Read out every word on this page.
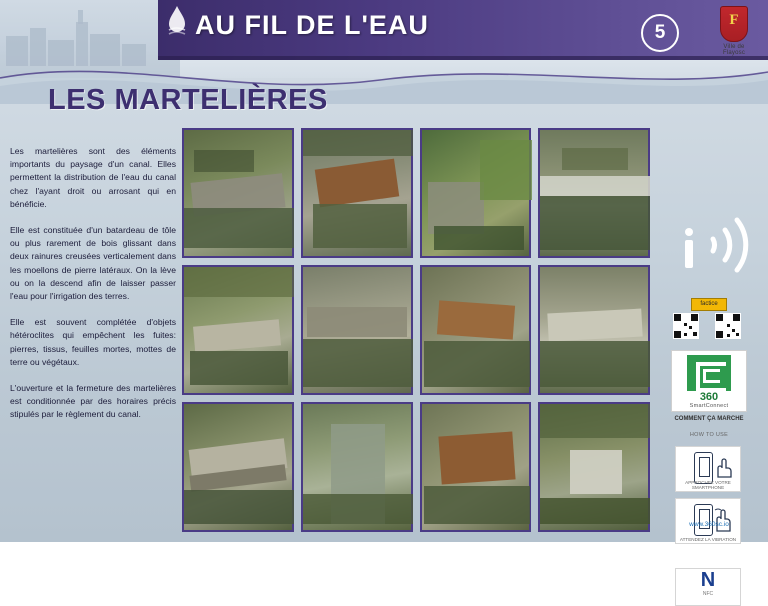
AU FIL DE L'EAU	5
F
Ville de Flayosc
LES MARTELIÈRES

Les martelières sont des éléments importants du paysage d'un canal. Elles permettent la distribution de l'eau du canal chez l'ayant droit ou arrosant qui en bénéficie.

Elle est constituée d'un batardeau de tôle ou plus rarement de bois glissant dans deux rainures creusées verticalement dans les moellons de pierre latéraux. On la lève ou on la descend afin de laisser passer l'eau pour l'irrigation des terres.

Elle est souvent complétée d'objets hétéroclites qui empêchent les fuites: pierres, tissus, feuilles mortes, mottes de terre ou végétaux.

L'ouverture et la fermeture des martelières est conditionnée par des horaires précis stipulés par le règlement du canal.

factice
360
SmartConnect
COMMENT ÇA MARCHE
HOW TO USE
APPROCHEZ VOTRE SMARTPHONE
ATTENDEZ LA VIBRATION
N
NFC
www.360sc.io
